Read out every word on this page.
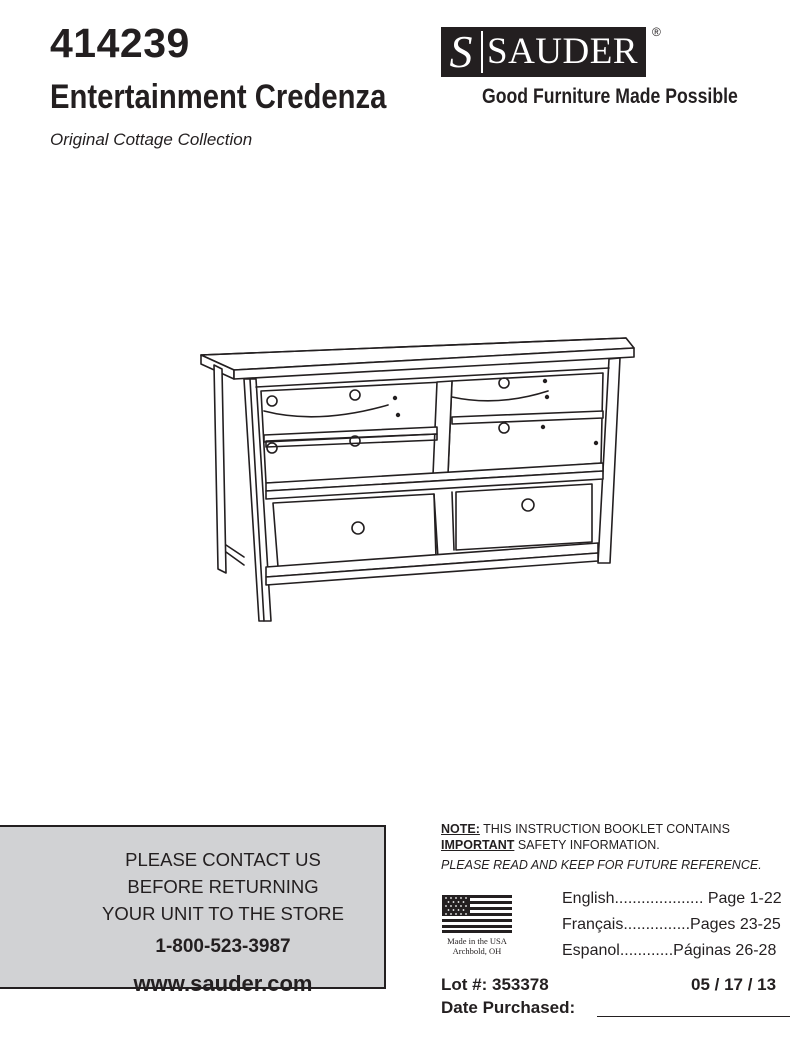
414239
Entertainment Credenza
Original Cottage Collection
S SAUDER ®
Good Furniture Made Possible
PLEASE CONTACT US
BEFORE RETURNING
YOUR UNIT TO THE STORE
1-800-523-3987
www.sauder.com
NOTE: THIS INSTRUCTION BOOKLET CONTAINS
IMPORTANT SAFETY INFORMATION.
PLEASE READ AND KEEP FOR FUTURE REFERENCE.
Made in the USA
Archbold, OH
English.................... Page 1-22
Français...............Pages 23-25
Espanol............Páginas 26-28
Lot #: 353378	05 / 17 / 13
Date Purchased:
